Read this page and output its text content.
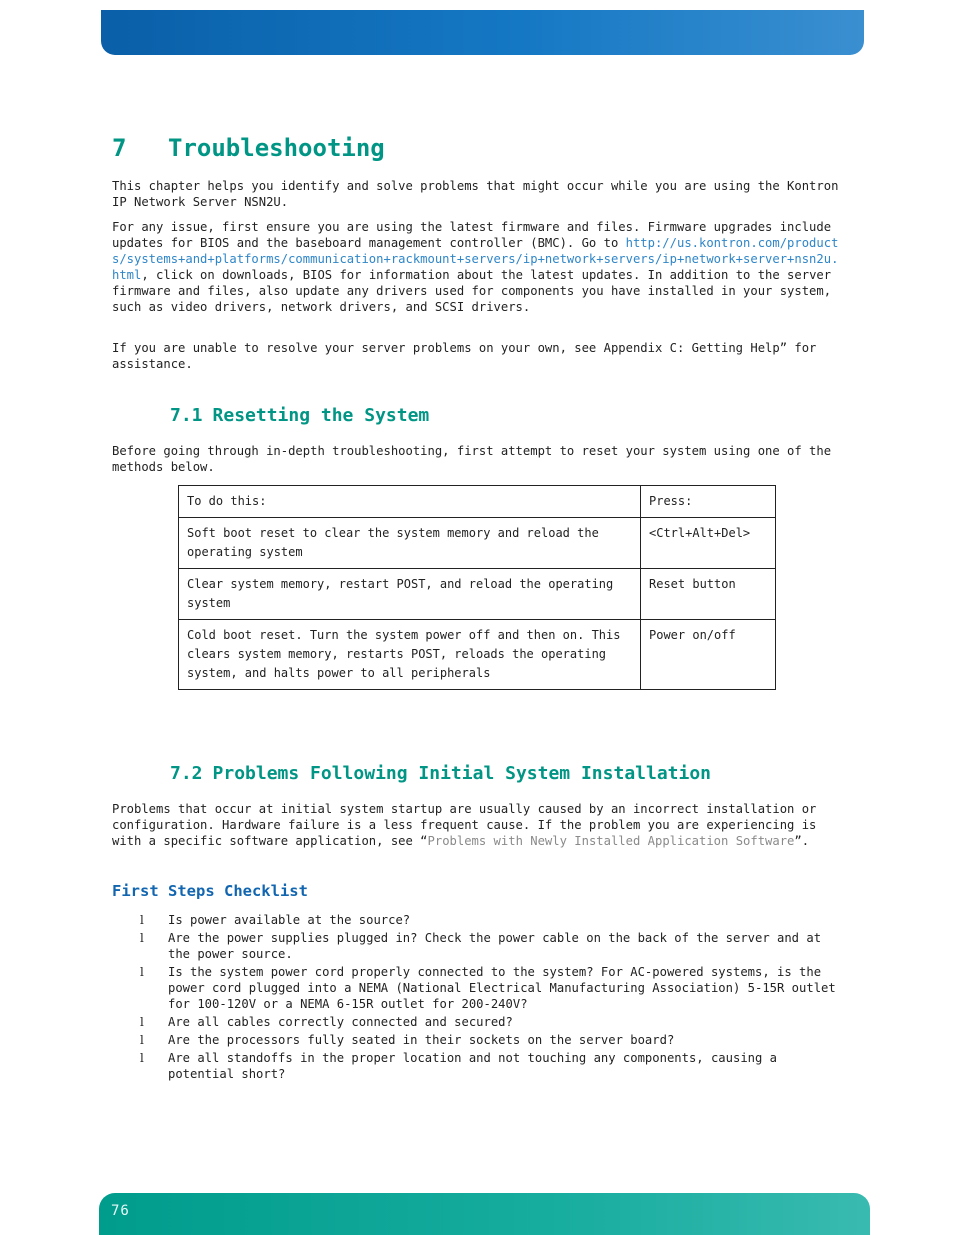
7 Troubleshooting

This chapter helps you identify and solve problems that might occur while you are using the Kontron IP Network Server NSN2U.

For any issue, first ensure you are using the latest firmware and files. Firmware upgrades include updates for BIOS and the baseboard management controller (BMC). Go to http://us.kontron.com/products/systems+and+platforms/communication+rackmount+servers/ip+network+servers/ip+network+server+nsn2u.html, click on downloads, BIOS for information about the latest updates. In addition to the server firmware and files, also update any drivers used for components you have installed in your system, such as video drivers, network drivers, and SCSI drivers.

If you are unable to resolve your server problems on your own, see Appendix C: Getting Help” for assistance.

7.1 Resetting the System

Before going through in-depth troubleshooting, first attempt to reset your system using one of the methods below.

To do this:	Press:
Soft boot reset to clear the system memory and reload the operating system	<Ctrl+Alt+Del>
Clear system memory, restart POST, and reload the operating system	Reset button
Cold boot reset. Turn the system power off and then on. This clears system memory, restarts POST, reloads the operating system, and halts power to all peripherals	Power on/off
7.2 Problems Following Initial System Installation

Problems that occur at initial system startup are usually caused by an incorrect installation or configuration. Hardware failure is a less frequent cause. If the problem you are experiencing is with a specific software application, see “Problems with Newly Installed Application Software”.

First Steps Checklist
l Is power available at the source?
l Are the power supplies plugged in? Check the power cable on the back of the server and at the power source.
l Is the system power cord properly connected to the system? For AC-powered systems, is the power cord plugged into a NEMA (National Electrical Manufacturing Association) 5-15R outlet for 100-120V or a NEMA 6-15R outlet for 200-240V?
l Are all cables correctly connected and secured?
l Are the processors fully seated in their sockets on the server board?
l Are all standoffs in the proper location and not touching any components, causing a potential short?
76
